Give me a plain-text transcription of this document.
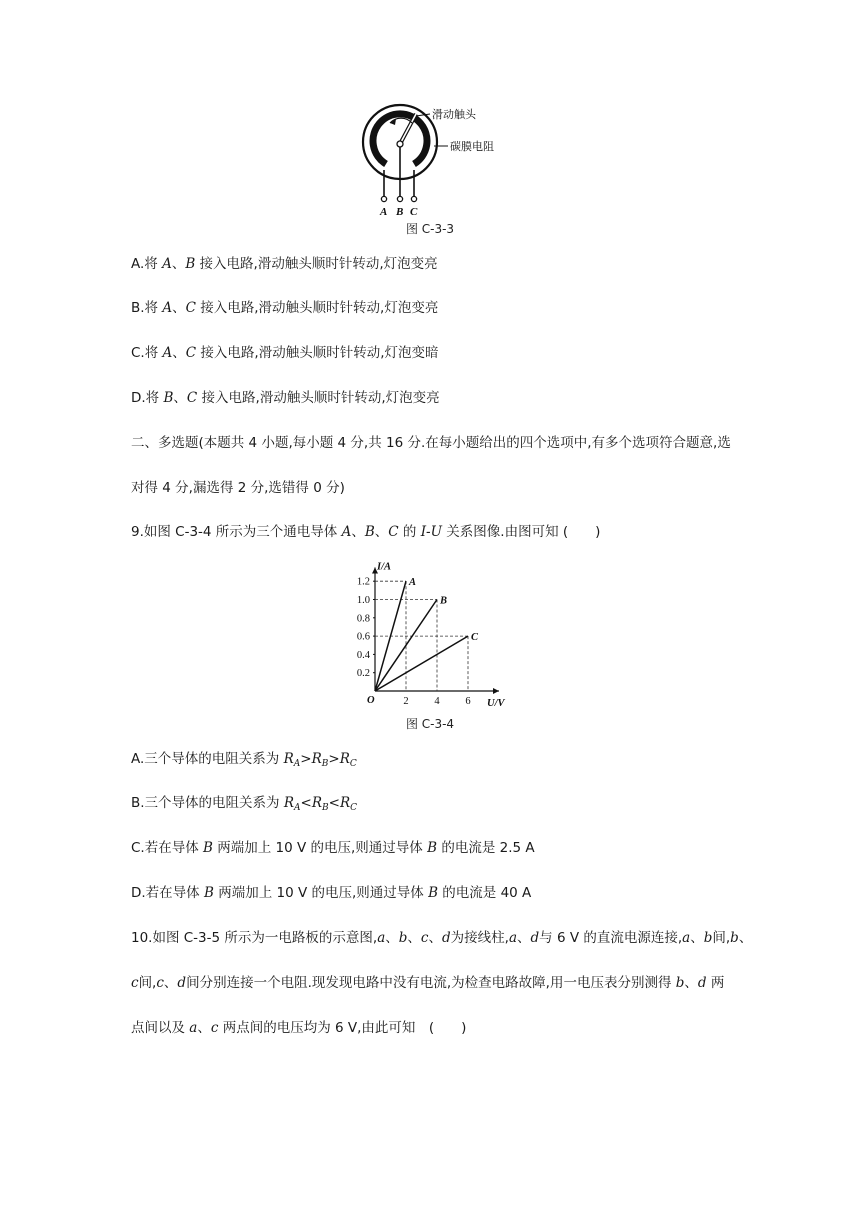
滑动触头
碳膜电阻
A B C
图 C-3-3
A.将 A、B 接入电路,滑动触头顺时针转动,灯泡变亮
B.将 A、C 接入电路,滑动触头顺时针转动,灯泡变亮
C.将 A、C 接入电路,滑动触头顺时针转动,灯泡变暗
D.将 B、C 接入电路,滑动触头顺时针转动,灯泡变亮
二、多选题(本题共 4 小题,每小题 4 分,共 16 分.在每小题给出的四个选项中,有多个选项符合题意,选
对得 4 分,漏选得 2 分,选错得 0 分)
9.如图 C-3-4 所示为三个通电导体 A、B、C 的 I-U 关系图像.由图可知 (　　)
1.2
1.0
0.8
0.6
0.4
0.2
2 4 6
I/A
U/V
O
A
B
C
图 C-3-4
A.三个导体的电阻关系为 $R_A>R_B>R_C$
B.三个导体的电阻关系为 $R_A<R_B<R_C$
C.若在导体 B 两端加上 10 V 的电压,则通过导体 B 的电流是 2.5 A
D.若在导体 B 两端加上 10 V 的电压,则通过导体 B 的电流是 40 A
10.如图 C-3-5 所示为一电路板的示意图,a、b、c、d为接线柱,a、d与 6 V 的直流电源连接,a、b间,b、
c间,c、d间分别连接一个电阻.现发现电路中没有电流,为检查电路故障,用一电压表分别测得 b、d 两
点间以及 a、c 两点间的电压均为 6 V,由此可知　(　　)
